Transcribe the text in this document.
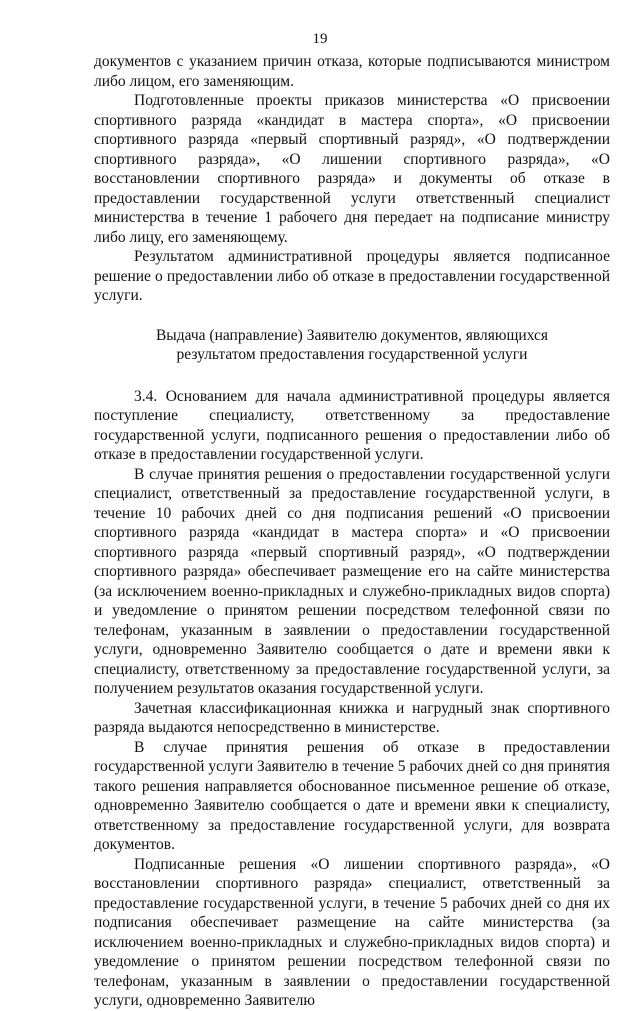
19

документов с указанием причин отказа, которые подписываются министром либо лицом, его заменяющим.

Подготовленные проекты приказов министерства «О присвоении спортивного разряда «кандидат в мастера спорта», «О присвоении спортивного разряда «первый спортивный разряд», «О подтверждении спортивного разряда», «О лишении спортивного разряда», «О восстановлении спортивного разряда» и документы об отказе в предоставлении государственной услуги ответственный специалист министерства в течение 1 рабочего дня передает на подписание министру либо лицу, его заменяющему.

Результатом административной процедуры является подписанное решение о предоставлении либо об отказе в предоставлении государственной услуги.

Выдача (направление) Заявителю документов, являющихся
результатом предоставления государственной услуги

3.4. Основанием для начала административной процедуры является поступление специалисту, ответственному за предоставление государственной услуги, подписанного решения о предоставлении либо об отказе в предоставлении государственной услуги.

В случае принятия решения о предоставлении государственной услуги специалист, ответственный за предоставление государственной услуги, в течение 10 рабочих дней со дня подписания решений «О присвоении спортивного разряда «кандидат в мастера спорта» и «О присвоении спортивного разряда «первый спортивный разряд», «О подтверждении спортивного разряда» обеспечивает размещение его на сайте министерства (за исключением военно-прикладных и служебно-прикладных видов спорта) и уведомление о принятом решении посредством телефонной связи по телефонам, указанным в заявлении о предоставлении государственной услуги, одновременно Заявителю сообщается о дате и времени явки к специалисту, ответственному за предоставление государственной услуги, за получением результатов оказания государственной услуги.

Зачетная классификационная книжка и нагрудный знак спортивного разряда выдаются непосредственно в министерстве.

В случае принятия решения об отказе в предоставлении государственной услуги Заявителю в течение 5 рабочих дней со дня принятия такого решения направляется обоснованное письменное решение об отказе, одновременно Заявителю сообщается о дате и времени явки к специалисту, ответственному за предоставление государственной услуги, для возврата документов.

Подписанные решения «О лишении спортивного разряда», «О восстановлении спортивного разряда» специалист, ответственный за предоставление государственной услуги, в течение 5 рабочих дней со дня их подписания обеспечивает размещение на сайте министерства (за исключением военно-прикладных и служебно-прикладных видов спорта) и уведомление о принятом решении посредством телефонной связи по телефонам, указанным в заявлении о предоставлении государственной услуги, одновременно Заявителю
